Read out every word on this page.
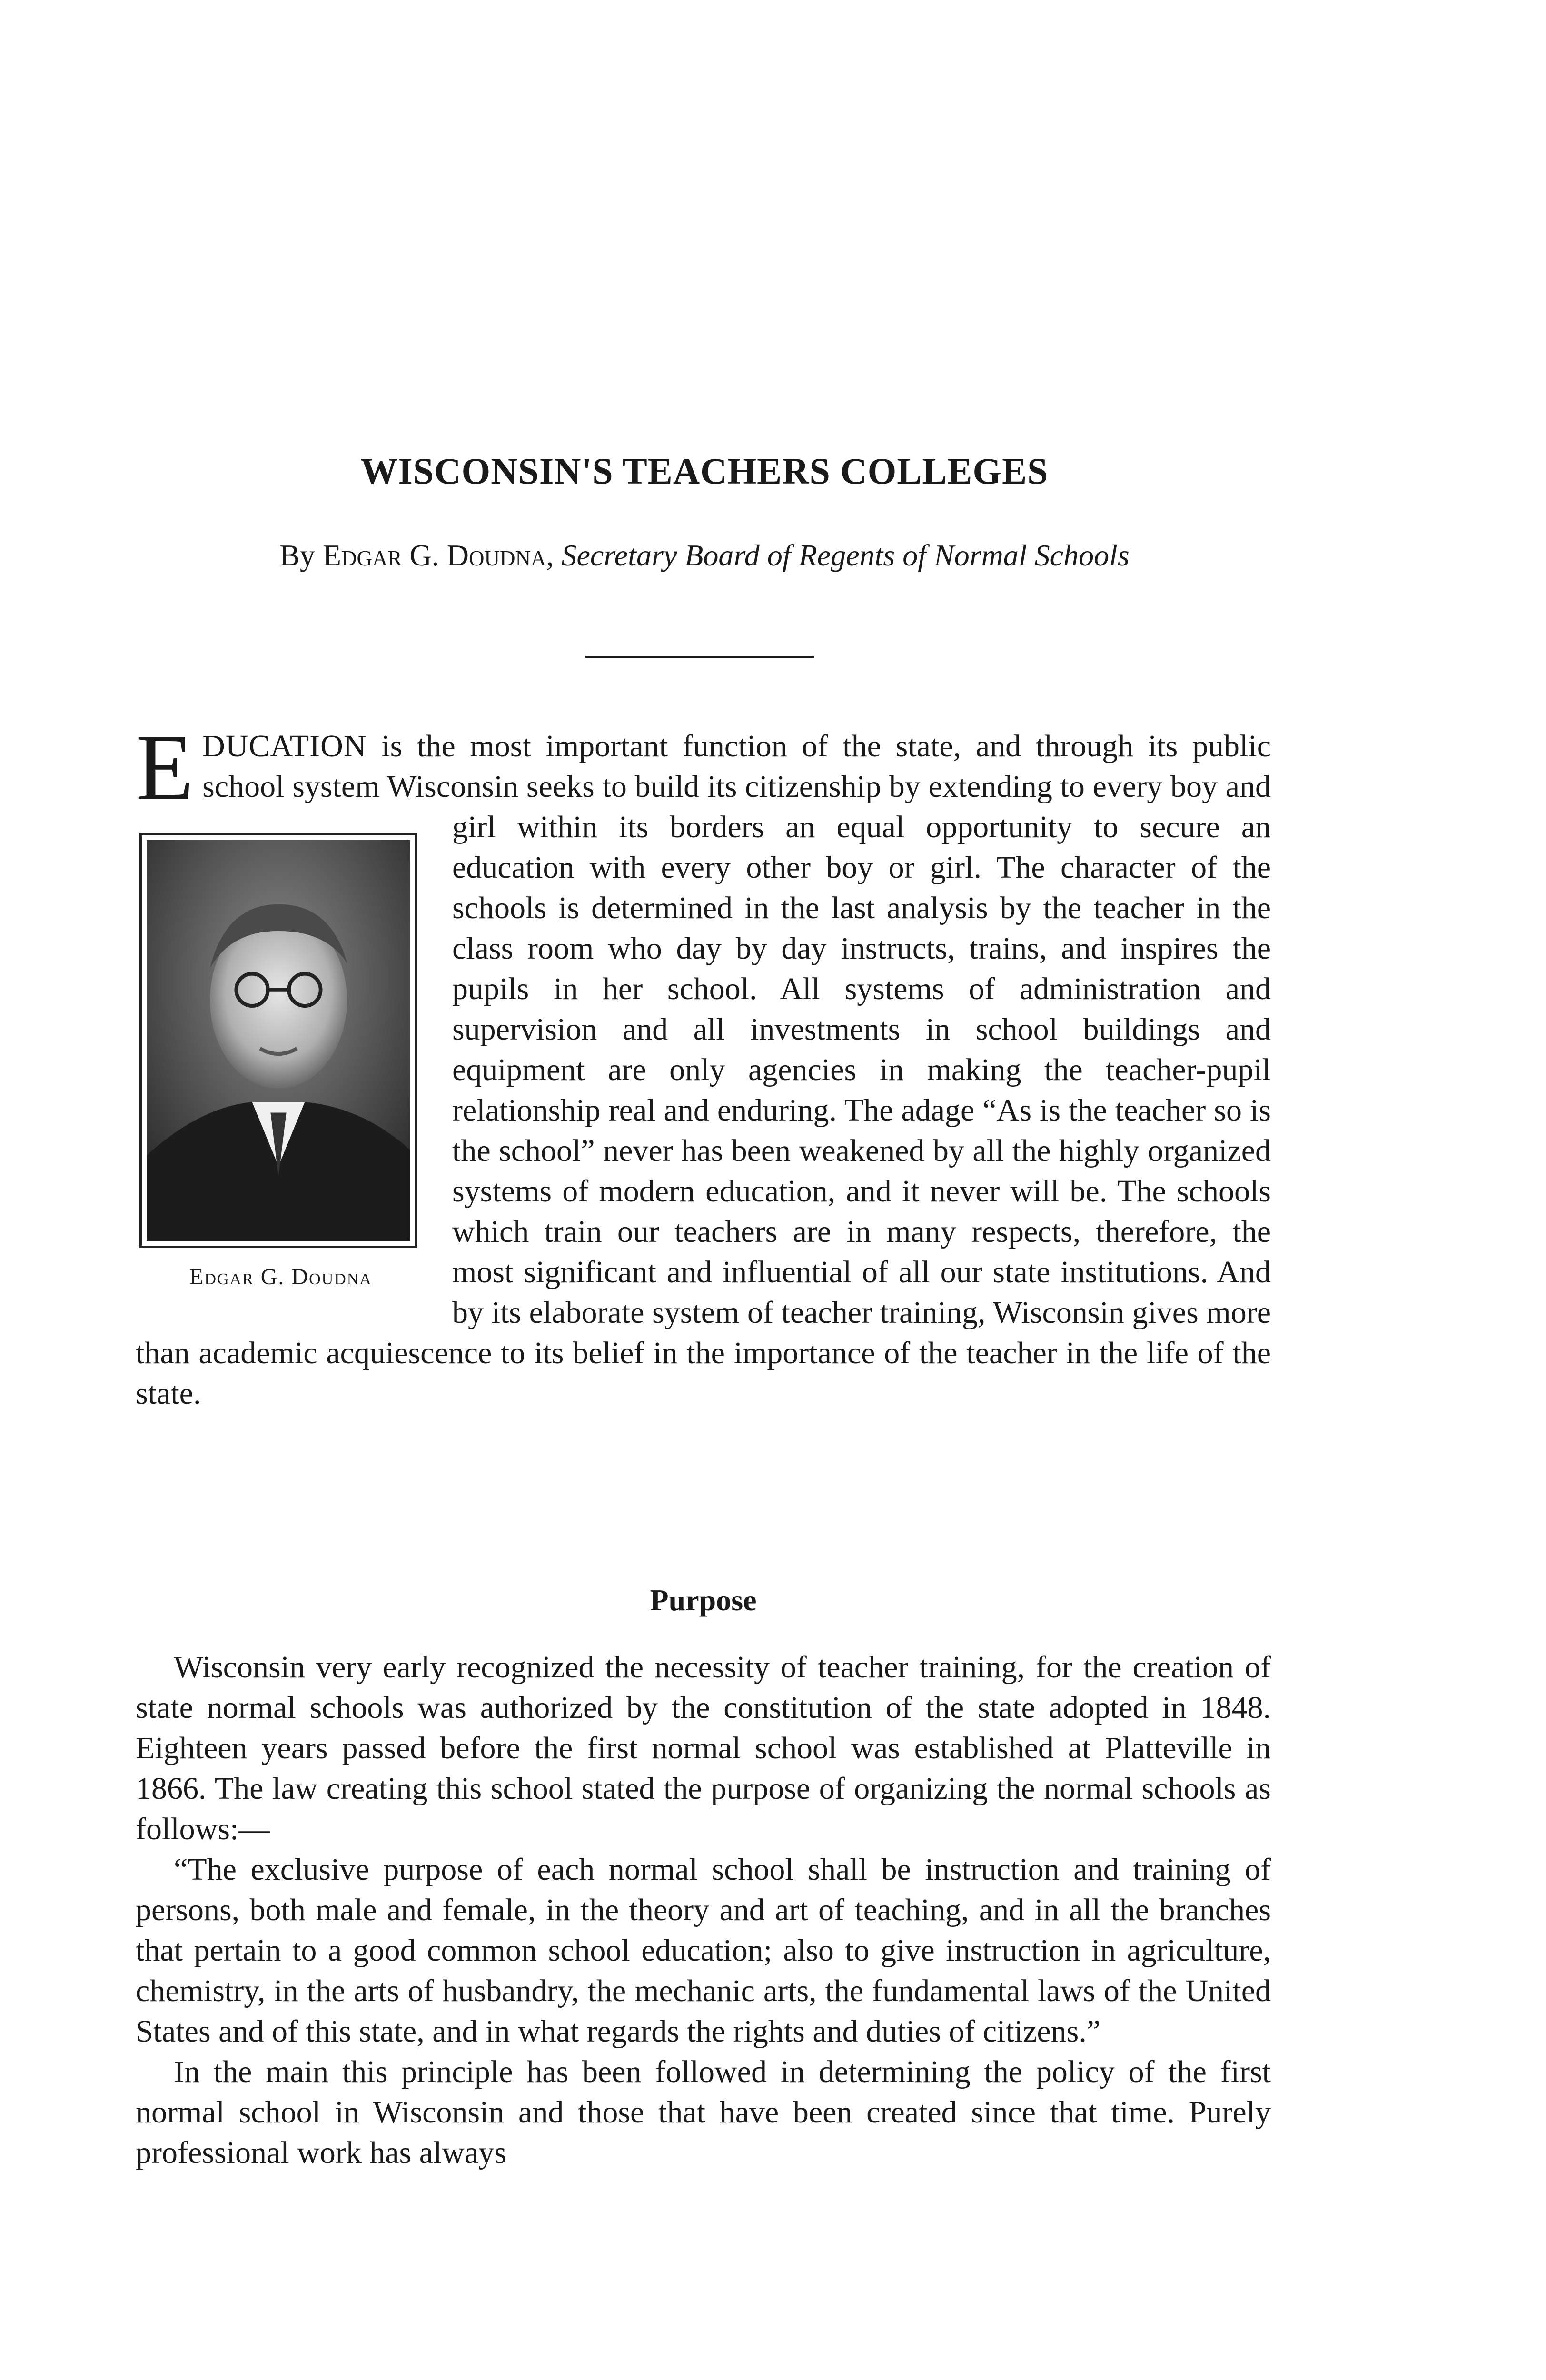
WISCONSIN'S TEACHERS COLLEGES

By Edgar G. Doudna, Secretary Board of Regents of Normal Schools

E
Edgar G. Doudna
DUCATION is the most important function of the state, and through its public school system Wisconsin seeks to build its citizenship by extending to every boy and girl within its borders an equal opportunity to secure an education with every other boy or girl. The character of the schools is determined in the last analysis by the teacher in the class room who day by day instructs, trains, and inspires the pupils in her school. All systems of administration and supervision and all investments in school buildings and equipment are only agencies in making the teacher-pupil relationship real and enduring. The adage “As is the teacher so is the school” never has been weakened by all the highly organized systems of modern education, and it never will be. The schools which train our teachers are in many respects, therefore, the most significant and influential of all our state institutions. And by its elaborate system of teacher training, Wisconsin gives more than academic acquiescence to its belief in the importance of the teacher in the life of the state.
Purpose

Wisconsin very early recognized the necessity of teacher training, for the creation of state normal schools was authorized by the constitution of the state adopted in 1848. Eighteen years passed before the first normal school was established at Platteville in 1866. The law creating this school stated the purpose of organizing the normal schools as follows:—

“The exclusive purpose of each normal school shall be instruction and training of persons, both male and female, in the theory and art of teaching, and in all the branches that pertain to a good common school education; also to give instruction in agriculture, chemistry, in the arts of husbandry, the mechanic arts, the fundamental laws of the United States and of this state, and in what regards the rights and duties of citizens.”

In the main this principle has been followed in determining the policy of the first normal school in Wisconsin and those that have been created since that time. Purely professional work has always
